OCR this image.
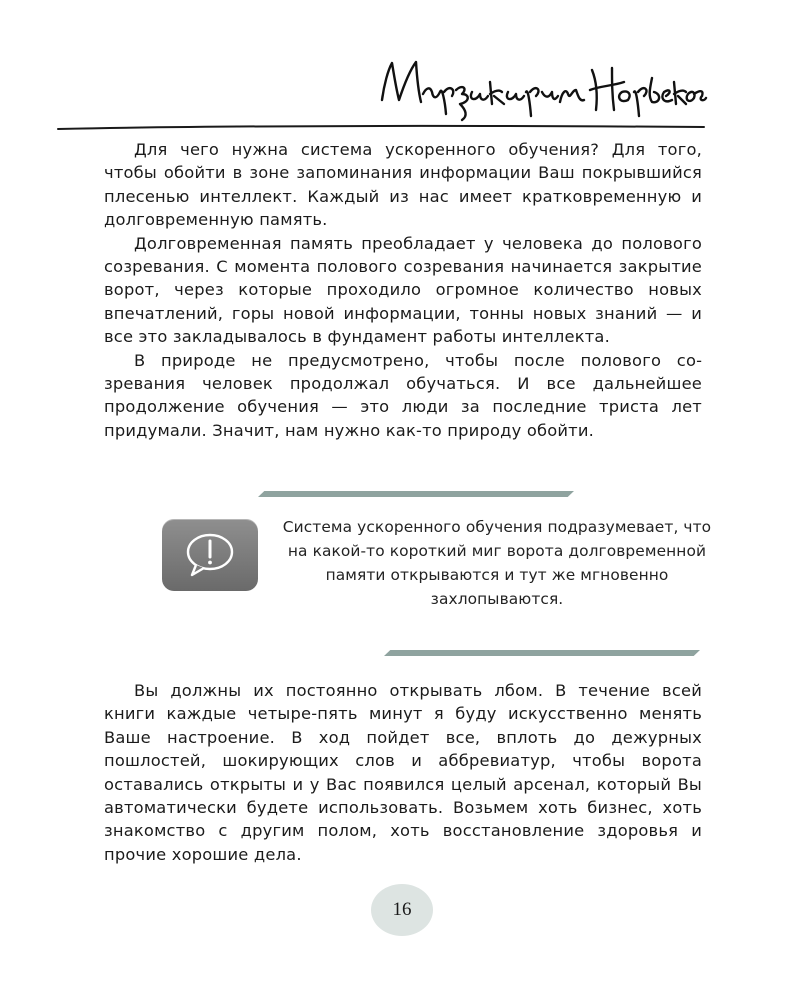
Для чего нужна система ускоренного обучения? Для того, чтобы обойти в зоне запоминания информации Ваш покрывшийся плесенью интеллект. Каждый из нас имеет кратковременную и долговременную память.

Долговременная память преобладает у человека до полового созревания. С момента полового созревания начинается закрытие ворот, через которые проходило огромное количество новых впечатлений, горы новой информации, тонны новых знаний — и все это закладывалось в фундамент работы интеллекта.

В природе не предусмотрено, чтобы после полового созревания человек продолжал обучаться. И все дальнейшее продолжение обучения — это люди за последние триста лет придумали. Значит, нам нужно как-то природу обойти.

Система ускоренного обучения подразумевает, что на какой-то короткий миг ворота долговременной памяти открываются и тут же мгновенно захлопываются.

Вы должны их постоянно открывать лбом. В течение всей книги каждые четыре-пять минут я буду искусственно менять Ваше настроение. В ход пойдет все, вплоть до дежурных пошлостей, шокирующих слов и аббревиатур, чтобы ворота оставались открыты и у Вас появился целый арсенал, который Вы автоматически будете использовать. Возьмем хоть бизнес, хоть знакомство с другим полом, хоть восстановление здоровья и прочие хорошие дела.

16
